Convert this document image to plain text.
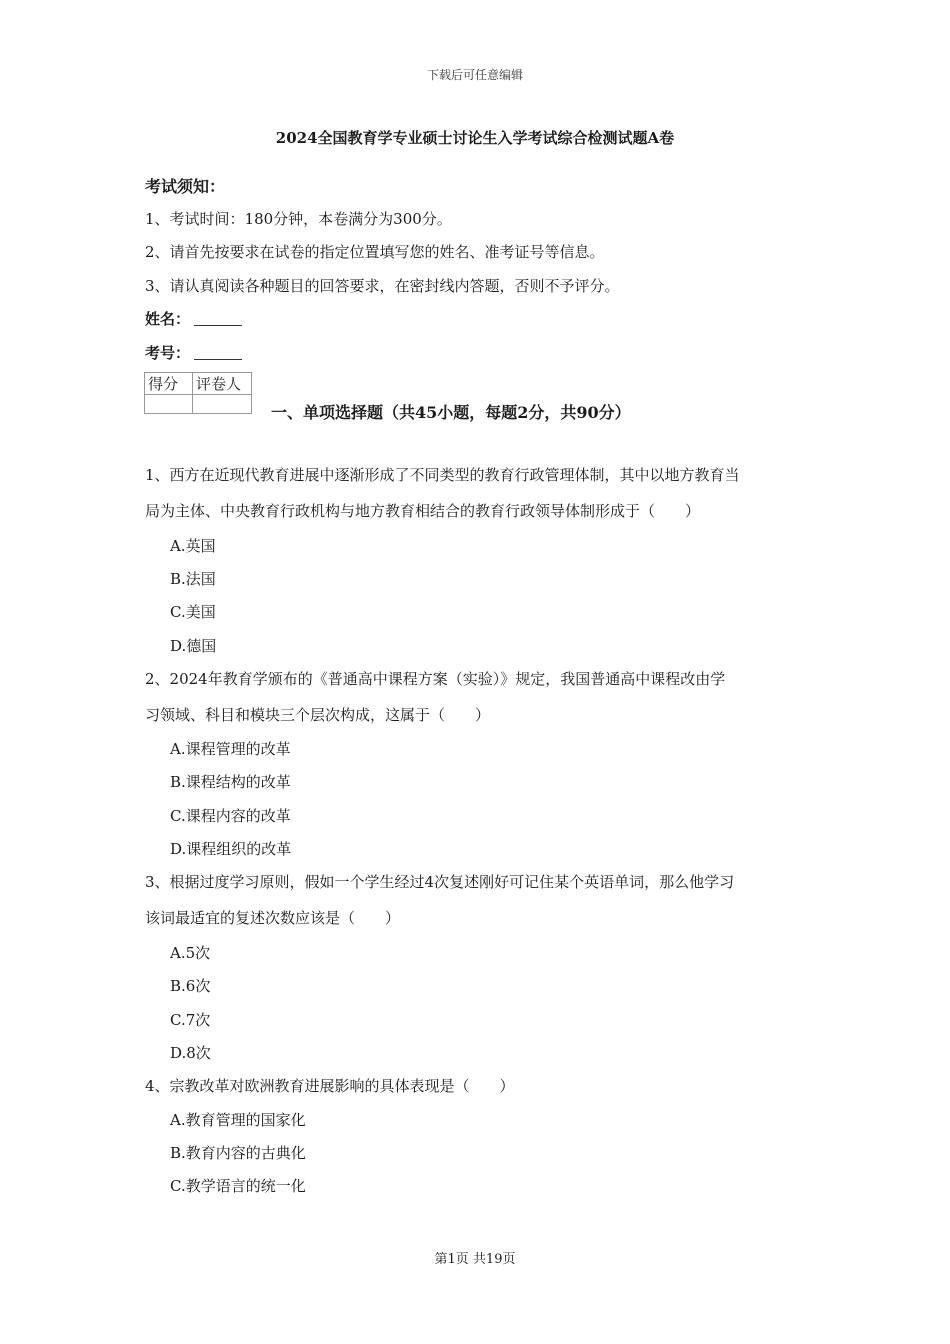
下载后可任意编辑
2024全国教育学专业硕士讨论生入学考试综合检测试题A卷
考试须知：
1、考试时间：180分钟，本卷满分为300分。
2、请首先按要求在试卷的指定位置填写您的姓名、准考证号等信息。
3、请认真阅读各种题目的回答要求，在密封线内答题，否则不予评分。
姓名：
考号：
得分	评卷人

一、单项选择题（共45小题，每题2分，共90分）
1、西方在近现代教育进展中逐渐形成了不同类型的教育行政管理体制，其中以地方教育当
局为主体、中央教育行政机构与地方教育相结合的教育行政领导体制形成于（　　）
A.英国
B.法国
C.美国
D.德国
2、2024年教育学颁布的《普通高中课程方案（实验）》规定，我国普通高中课程改由学
习领域、科目和模块三个层次构成，这属于（　　）
A.课程管理的改革
B.课程结构的改革
C.课程内容的改革
D.课程组织的改革
3、根据过度学习原则，假如一个学生经过4次复述刚好可记住某个英语单词，那么他学习
该词最适宜的复述次数应该是（　　）
A.5次
B.6次
C.7次
D.8次
4、宗教改革对欧洲教育进展影响的具体表现是（　　）
A.教育管理的国家化
B.教育内容的古典化
C.教学语言的统一化
第1页 共19页
